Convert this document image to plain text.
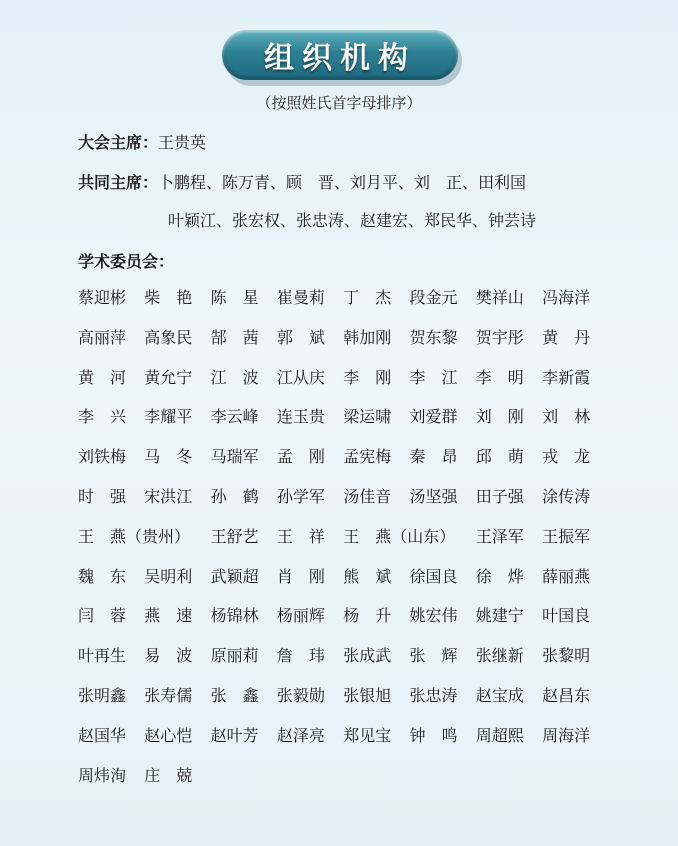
组织机构
（按照姓氏首字母排序）
大会主席：王贵英
共同主席：卜鹏程、陈万青、顾　晋、刘月平、刘　正、田利国
叶颖江、张宏权、张忠涛、赵建宏、郑民华、钟芸诗
学术委员会：
蔡迎彬 柴　艳 陈　星 崔曼莉 丁　杰 段金元 樊祥山 冯海洋
高丽萍 高象民 郜　茜 郭　斌 韩加刚 贺东黎 贺宇彤 黄　丹
黄　河 黄允宁 江　波 江从庆 李　刚 李　江 李　明 李新霞
李　兴 李耀平 李云峰 连玉贵 梁运啸 刘爱群 刘　刚 刘　林
刘铁梅 马　冬 马瑞军 孟　刚 孟宪梅 秦　昂 邱　萌 戎　龙
时　强 宋洪江 孙　鹤 孙学军 汤佳音 汤坚强 田子强 涂传涛
王　燕（贵州） 王舒艺 王　祥 王　燕（山东） 王泽军 王振军
魏　东 吴明利 武颖超 肖　刚 熊　斌 徐国良 徐　烨 薛丽燕
闫　蓉 燕　速 杨锦林 杨丽辉 杨　升 姚宏伟 姚建宁 叶国良
叶再生 易　波 原丽莉 詹　玮 张成武 张　辉 张继新 张黎明
张明鑫 张寿儒 张　鑫 张毅勋 张银旭 张忠涛 赵宝成 赵昌东
赵国华 赵心恺 赵叶芳 赵泽亮 郑见宝 钟　鸣 周超熙 周海洋
周炜洵 庄　兢
